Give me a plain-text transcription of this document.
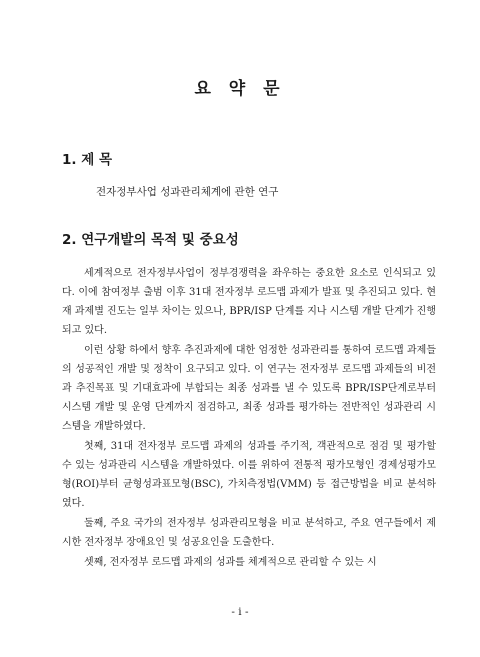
요 약 문
1. 제 목
전자정부사업 성과관리체계에 관한 연구
2. 연구개발의 목적 및 중요성

세계적으로 전자정부사업이 정부경쟁력을 좌우하는 중요한 요소로 인식되고 있다. 이에 참여정부 출범 이후 31대 전자정부 로드맵 과제가 발표 및 추진되고 있다. 현재 과제별 진도는 일부 차이는 있으나, BPR/ISP 단계를 지나 시스템 개발 단계가 진행되고 있다.

이런 상황 하에서 향후 추진과제에 대한 엄정한 성과관리를 통하여 로드맵 과제들의 성공적인 개발 및 정착이 요구되고 있다. 이 연구는 전자정부 로드맵 과제들의 비전과 추진목표 및 기대효과에 부합되는 최종 성과를 낼 수 있도록 BPR/ISP단계로부터 시스템 개발 및 운영 단계까지 점검하고, 최종 성과를 평가하는 전반적인 성과관리 시스템을 개발하였다.

첫째, 31대 전자정부 로드맵 과제의 성과를 주기적, 객관적으로 점검 및 평가할 수 있는 성과관리 시스템을 개발하였다. 이를 위하여 전통적 평가모형인 경제성평가모형(ROI)부터 균형성과표모형(BSC), 가치측정법(VMM) 등 접근방법을 비교 분석하였다.

둘째, 주요 국가의 전자정부 성과관리모형을 비교 분석하고, 주요 연구들에서 제시한 전자정부 장애요인 및 성공요인을 도출한다.

셋째, 전자정부 로드맵 과제의 성과를 체계적으로 관리할 수 있는 시

- i -
